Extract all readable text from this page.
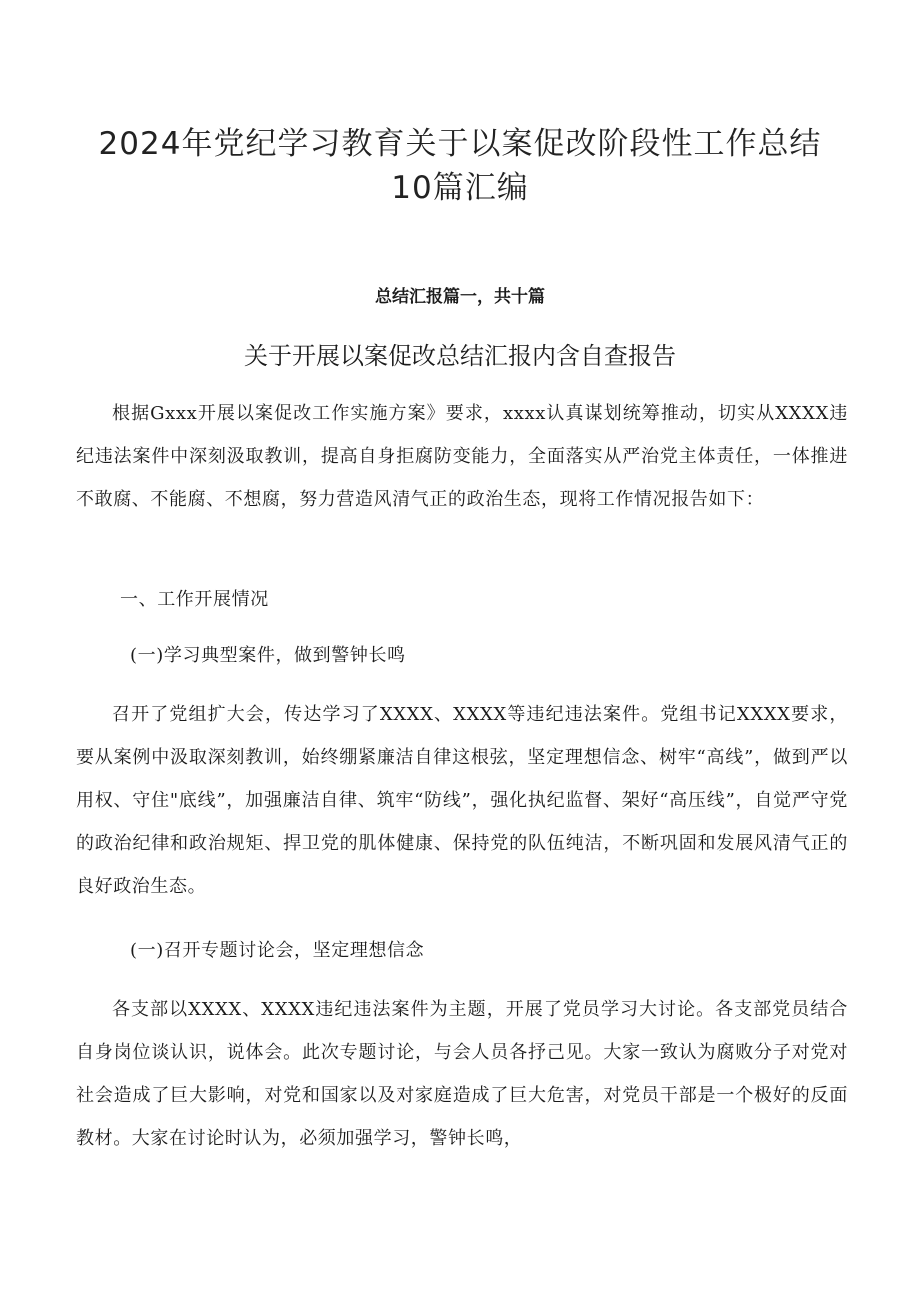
2024年党纪学习教育关于以案促改阶段性工作总结
10篇汇编

总结汇报篇一，共十篇

关于开展以案促改总结汇报内含自查报告

根据Gxxx开展以案促改工作实施方案》要求，xxxx认真谋划统筹推动，切实从XXXX违纪违法案件中深刻汲取教训，提高自身拒腐防变能力，全面落实从严治党主体责任，一体推进不敢腐、不能腐、不想腐，努力营造风清气正的政治生态，现将工作情况报告如下：

一、工作开展情况
(一)学习典型案件，做到警钟长鸣

召开了党组扩大会，传达学习了XXXX、XXXX等违纪违法案件。党组书记XXXX要求，要从案例中汲取深刻教训，始终绷紧廉洁自律这根弦，坚定理想信念、树牢“高线”，做到严以用权、守住"底线”，加强廉洁自律、筑牢“防线”，强化执纪监督、架好“高压线”，自觉严守党的政治纪律和政治规矩、捍卫党的肌体健康、保持党的队伍纯洁，不断巩固和发展风清气正的良好政治生态。

(一)召开专题讨论会，坚定理想信念

各支部以XXXX、XXXX违纪违法案件为主题，开展了党员学习大讨论。各支部党员结合自身岗位谈认识，说体会。此次专题讨论，与会人员各抒己见。大家一致认为腐败分子对党对社会造成了巨大影响，对党和国家以及对家庭造成了巨大危害，对党员干部是一个极好的反面教材。大家在讨论时认为，必须加强学习，警钟长鸣，
